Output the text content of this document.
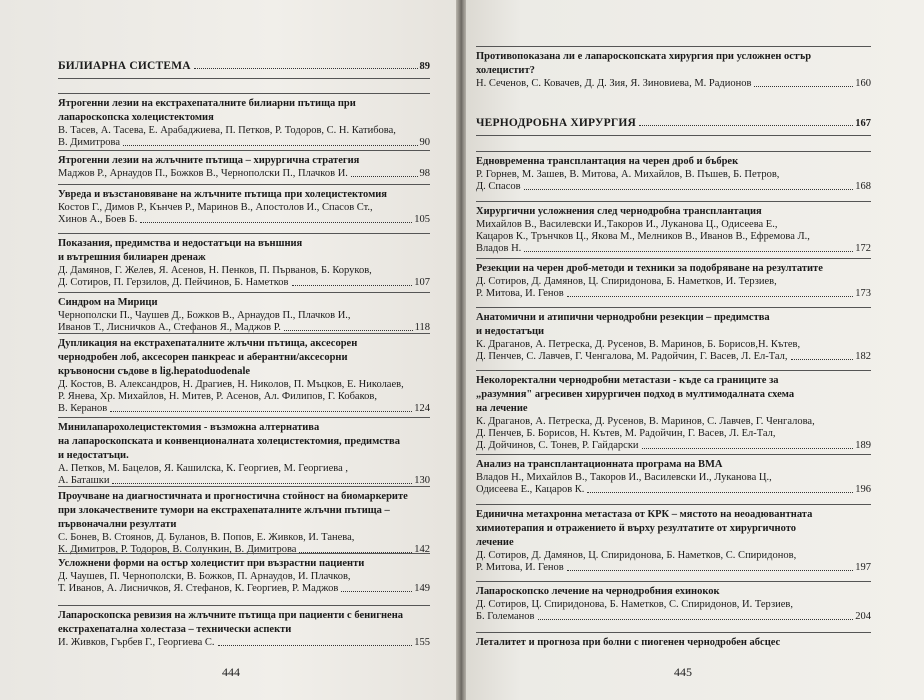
БИЛИАРНА СИСТЕМА	89
Ятрогенни лезии на екстрахепаталните билиарни пътища при
лапароскопска холецистектомия
В. Тасев, А. Тасева, Е. Арабаджиева, П. Петков, Р. Тодоров, С. Н. Катибова,
В. Димитрова	90
Ятрогенни лезии на жлъчните пътища – хирургична стратегия
Маджов Р., Арнаудов П., Божков В., Чернополски П., Плачков И.	98
Увреда и възстановяване на жлъчните пътища при холецистектомия
Костов Г., Димов Р., Кънчев Р., Маринов В., Апостолов И., Спасов Ст.,
Хинов А., Боев Б.	105
Показания, предимства и недостатъци на външния
и вътрешния билиарен дренаж
Д. Дамянов, Г. Желев, Я. Асенов, Н. Пенков, П. Първанов, Б. Коруков,
Д. Сотиров, П. Герзилов, Д. Пейчинов, Б. Наметков	107
Синдром на Мирици
Чернополски П., Чаушев Д., Божков В., Арнаудов П., Плачков И.,
Иванов Т., Лисничков А., Стефанов Я., Маджов Р.	118
Дупликация на екстрахепаталните жлъчни пътища, аксесорен
чернодробен лоб, аксесорен панкреас и аберантни/аксесорни
кръвоносни съдове в lig.hepatoduodenale
Д. Костов, В. Александров, Н. Драгиев, Н. Николов, П. Мъцков, Е. Николаев,
Р. Янева, Хр. Михайлов, Н. Митев, Р. Асенов, Ал. Филипов, Г. Кобаков,
В. Керанов	124
Минилапарохолецистектомия - възможна алтернатива
на лапароскопската и конвенционалната холецистектомия, предимства
и недостатъци.
А. Петков, М. Бацелов, Я. Кашилска, К. Георгиев, М. Георгиева ,
А. Баташки	130
Проучване на диагностичната и прогностична стойност на биомаркерите
при злокачествените тумори на екстрахепаталните жлъчни пътища –
първоначални резултати
С. Бонев, В. Стоянов, Д. Буланов, В. Попов, Е. Живков, И. Танева,
К. Димитров, Р. Тодоров, В. Солункин, В. Димитрова	142
Усложнени форми на остър холецистит при възрастни пациенти
Д. Чаушев, П. Чернополски, В. Божков, П. Арнаудов, И. Плачков,
Т. Иванов, А. Лисничков, Я. Стефанов, К. Георгиев, Р. Маджов	149
Лапароскопска ревизия на жлъчните пътища при пациенти с бенигнена
екстрахепатална холестаза – технически аспекти
И. Живков, Гърбев Г., Георгиева С.	155
444
Противопоказана ли е лапароскопската хирургия при усложнен остър
холецистит?
Н. Сеченов, С. Ковачев, Д. Д. Зия, Я. Зиновиева, М. Радионов	160
ЧЕРНОДРОБНА ХИРУРГИЯ	167
Едновременна трансплантация на черен дроб и бъбрек
Р. Горнев, М. Зашев, В. Митова, А. Михайлов, В. Пъшев, Б. Петров,
Д. Спасов	168
Хирургични усложнения след чернодробна трансплантация
Михайлов В., Василевски И.,Такоров И., Луканова Ц., Одисеева Е.,
Кацаров К., Трънчков Ц., Якова М., Мелников В., Иванов В., Ефремова Л.,
Владов Н.	172
Резекции на черен дроб-методи и техники за подобряване на резултатите
Д. Сотиров, Д. Дамянов, Ц. Спиридонова, Б. Наметков, И. Терзиев,
Р. Митова, И. Генов	173
Анатомични и атипични чернодробни резекции – предимства
и недостатъци
К. Драганов, А. Петреска, Д. Русенов, В. Маринов, Б. Борисов,Н. Кътев,
Д. Пенчев, С. Лавчев, Г. Ченгалова, М. Радойчин, Г. Васев, Л. Ел-Тал,	182
Неколоректални чернодробни метастази - къде са границите за
„разумния" агресивен хирургичен подход в мултимодалната схема
на лечение
К. Драганов, А. Петреска, Д. Русенов, В. Маринов, С. Лавчев, Г. Ченгалова,
Д. Пенчев, Б. Борисов, Н. Кътев, М. Радойчин, Г. Васев, Л. Ел-Тал,
Д. Дойчинов, С. Тонев, Р. Гайдарски	189
Анализ на трансплантационната програма на ВМА
Владов Н., Михайлов В., Такоров И., Василевски И., Луканова Ц.,
Одисеева Е., Кацаров К.	196
Единична метахронна метастаза от КРК – мястото на неоадювантната
химиотерапия и отражението й върху резултатите от хирургичното
лечение
Д. Сотиров, Д. Дамянов, Ц. Спиридонова, Б. Наметков, С. Спиридонов,
Р. Митова, И. Генов	197
Лапароскопско лечение на чернодробния ехинокок
Д. Сотиров, Ц. Спиридонова, Б. Наметков, С. Спиридонов, И. Терзиев,
Б. Големанов	204
Леталитет и прогноза при болни с пиогенен чернодробен абсцес
445
